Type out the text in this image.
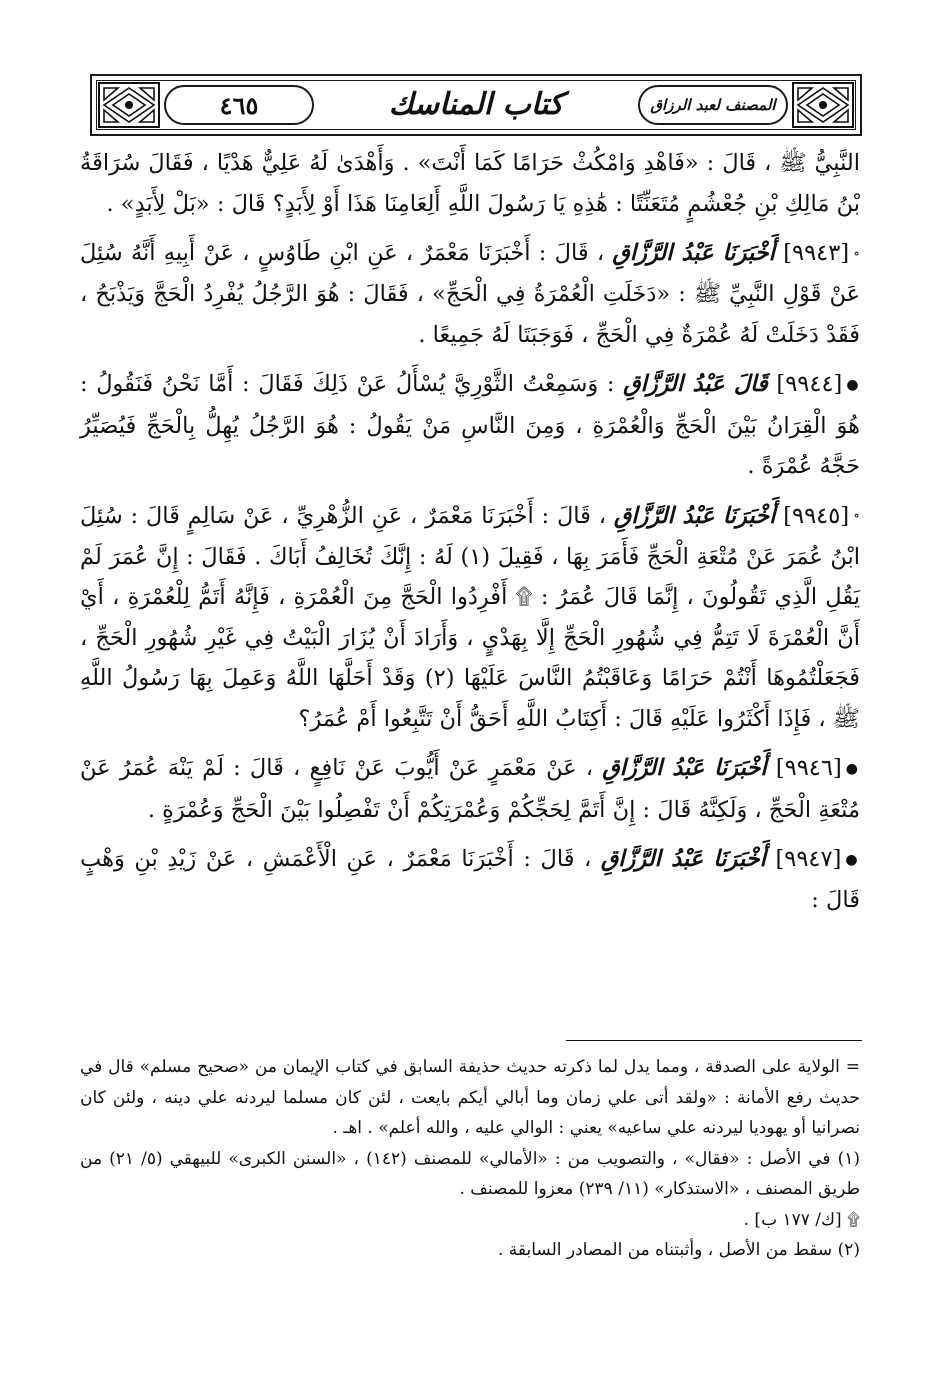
٤٦٥	كتاب المناسك	المصنف لعبد الرزاق

النَّبِيُّ ﷺ ، قَالَ : «فَاهْدِ وَامْكُثْ حَرَامًا كَمَا أَنْتَ» . وَأَهْدَىٰ لَهُ عَلِيٌّ هَدْيًا ، فَقَالَ سُرَاقَةُ بْنُ مَالِكِ بْنِ جُعْشُمٍ مُتَعَنِّتًا : هَٰذِهِ يَا رَسُولَ اللَّهِ أَلِعَامِنَا هَذَا أَوْ لِأَبَدٍ؟ قَالَ : «بَلْ لِأَبَدٍ» .

∘[٩٩٤٣] أَخْبَرَنَا عَبْدُ الرَّزَّاقِ ، قَالَ : أَخْبَرَنَا مَعْمَرٌ ، عَنِ ابْنِ طَاوُسٍ ، عَنْ أَبِيهِ أَنَّهُ سُئِلَ عَنْ قَوْلِ النَّبِيِّ ﷺ : «دَخَلَتِ الْعُمْرَةُ فِي الْحَجِّ» ، فَقَالَ : هُوَ الرَّجُلُ يُفْرِدُ الْحَجَّ وَيَذْبَحُ ، فَقَدْ دَخَلَتْ لَهُ عُمْرَةٌ فِي الْحَجِّ ، فَوَجَبَتَا لَهُ جَمِيعًا .

●[٩٩٤٤] قَالَ عَبْدُ الرَّزَّاقِ : وَسَمِعْتُ الثَّوْرِيَّ يُسْأَلُ عَنْ ذَلِكَ فَقَالَ : أَمَّا نَحْنُ فَنَقُولُ : هُوَ الْقِرَانُ بَيْنَ الْحَجِّ وَالْعُمْرَةِ ، وَمِنَ النَّاسِ مَنْ يَقُولُ : هُوَ الرَّجُلُ يُهِلُّ بِالْحَجِّ فَيُصَيِّرُ حَجَّهُ عُمْرَةً .

∘[٩٩٤٥] أَخْبَرَنَا عَبْدُ الرَّزَّاقِ ، قَالَ : أَخْبَرَنَا مَعْمَرٌ ، عَنِ الزُّهْرِيِّ ، عَنْ سَالِمٍ قَالَ : سُئِلَ ابْنُ عُمَرَ عَنْ مُتْعَةِ الْحَجِّ فَأَمَرَ بِهَا ، فَقِيلَ (١) لَهُ : إِنَّكَ تُخَالِفُ أَبَاكَ . فَقَالَ : إِنَّ عُمَرَ لَمْ يَقُلِ الَّذِي تَقُولُونَ ، إِنَّمَا قَالَ عُمَرُ : ۩ أَفْرِدُوا الْحَجَّ مِنَ الْعُمْرَةِ ، فَإِنَّهُ أَتَمُّ لِلْعُمْرَةِ ، أَيْ أَنَّ الْعُمْرَةَ لَا تَتِمُّ فِي شُهُورِ الْحَجِّ إِلَّا بِهَدْيٍ ، وَأَرَادَ أَنْ يُزَارَ الْبَيْتُ فِي غَيْرِ شُهُورِ الْحَجِّ ، فَجَعَلْتُمُوهَا أَنْتُمْ حَرَامًا وَعَاقَبْتُمُ النَّاسَ عَلَيْهَا (٢) وَقَدْ أَحَلَّهَا اللَّهُ وَعَمِلَ بِهَا رَسُولُ اللَّهِ ﷺ ، فَإِذَا أَكْثَرُوا عَلَيْهِ قَالَ : أَكِتَابُ اللَّهِ أَحَقُّ أَنْ تَتَّبِعُوا أَمْ عُمَرُ؟

●[٩٩٤٦] أَخْبَرَنَا عَبْدُ الرَّزَّاقِ ، عَنْ مَعْمَرٍ عَنْ أَيُّوبَ عَنْ نَافِعٍ ، قَالَ : لَمْ يَنْهَ عُمَرُ عَنْ مُتْعَةِ الْحَجِّ ، وَلَكِنَّهُ قَالَ : إِنَّ أَتَمَّ لِحَجِّكُمْ وَعُمْرَتِكُمْ أَنْ تَفْصِلُوا بَيْنَ الْحَجِّ وَعُمْرَةٍ .

●[٩٩٤٧] أَخْبَرَنَا عَبْدُ الرَّزَّاقِ ، قَالَ : أَخْبَرَنَا مَعْمَرٌ ، عَنِ الْأَعْمَشِ ، عَنْ زَيْدِ بْنِ وَهْبٍ قَالَ :

= الولاية على الصدقة ، ومما يدل لما ذكرته حديث حذيفة السابق في كتاب الإيمان من «صحيح مسلم» قال في حديث رفع الأمانة : «ولقد أتى علي زمان وما أبالي أيكم بايعت ، لئن كان مسلما ليردنه علي دينه ، ولئن كان نصرانيا أو يهوديا ليردنه علي ساعيه» يعني : الوالي عليه ، والله أعلم» . اهـ .

(١) في الأصل : «فقال» ، والتصويب من : «الأمالي» للمصنف (١٤٢) ، «السنن الكبرى» للبيهقي (٥/ ٢١) من طريق المصنف ، «الاستذكار» (١١/ ٢٣٩) معزوا للمصنف .

۩ [ك/ ١٧٧ ب] .

(٢) سقط من الأصل ، وأثبتناه من المصادر السابقة .
